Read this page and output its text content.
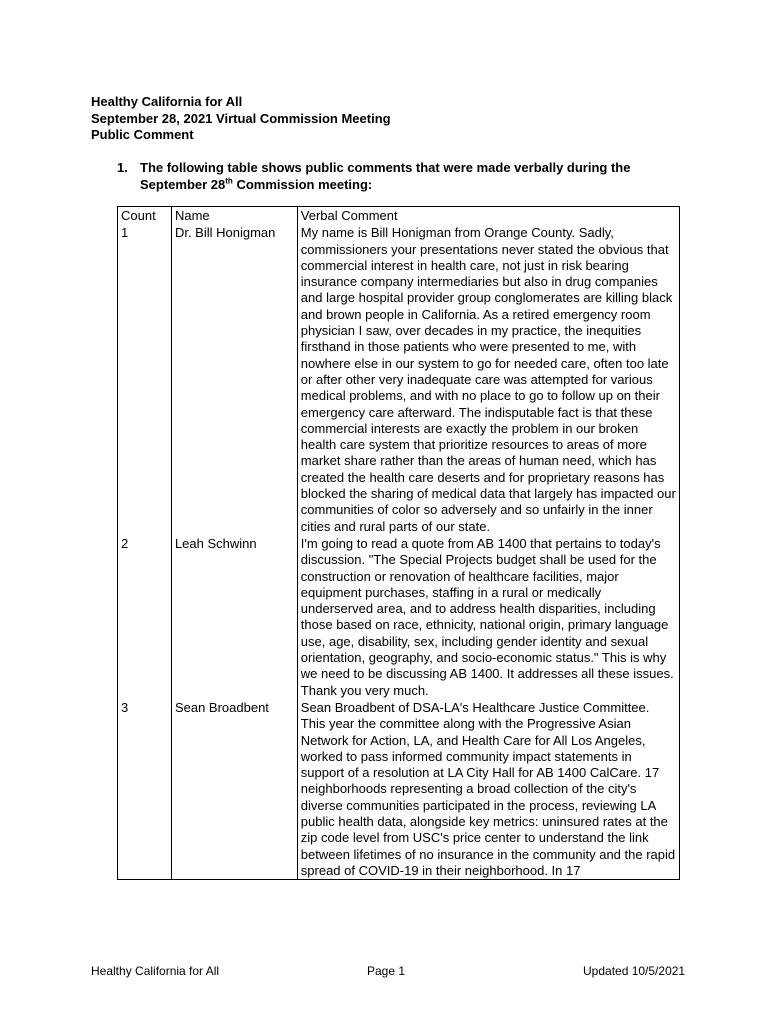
Healthy California for All
September 28, 2021 Virtual Commission Meeting
Public Comment
1. The following table shows public comments that were made verbally during the September 28th Commission meeting:
Count	Name	Verbal Comment
1	Dr. Bill Honigman	My name is Bill Honigman from Orange County. Sadly, commissioners your presentations never stated the obvious that commercial interest in health care, not just in risk bearing insurance company intermediaries but also in drug companies and large hospital provider group conglomerates are killing black and brown people in California. As a retired emergency room physician I saw, over decades in my practice, the inequities firsthand in those patients who were presented to me, with nowhere else in our system to go for needed care, often too late or after other very inadequate care was attempted for various medical problems, and with no place to go to follow up on their emergency care afterward. The indisputable fact is that these commercial interests are exactly the problem in our broken health care system that prioritize resources to areas of more market share rather than the areas of human need, which has created the health care deserts and for proprietary reasons has blocked the sharing of medical data that largely has impacted our communities of color so adversely and so unfairly in the inner cities and rural parts of our state.
2	Leah Schwinn	I'm going to read a quote from AB 1400 that pertains to today's discussion. "The Special Projects budget shall be used for the construction or renovation of healthcare facilities, major equipment purchases, staffing in a rural or medically underserved area, and to address health disparities, including those based on race, ethnicity, national origin, primary language use, age, disability, sex, including gender identity and sexual orientation, geography, and socio-economic status." This is why we need to be discussing AB 1400. It addresses all these issues. Thank you very much.
3	Sean Broadbent	Sean Broadbent of DSA-LA's Healthcare Justice Committee. This year the committee along with the Progressive Asian Network for Action, LA, and Health Care for All Los Angeles, worked to pass informed community impact statements in support of a resolution at LA City Hall for AB 1400 CalCare. 17 neighborhoods representing a broad collection of the city's diverse communities participated in the process, reviewing LA public health data, alongside key metrics: uninsured rates at the zip code level from USC's price center to understand the link between lifetimes of no insurance in the community and the rapid spread of COVID-19 in their neighborhood. In 17
Healthy California for All	Page 1	Updated 10/5/2021
